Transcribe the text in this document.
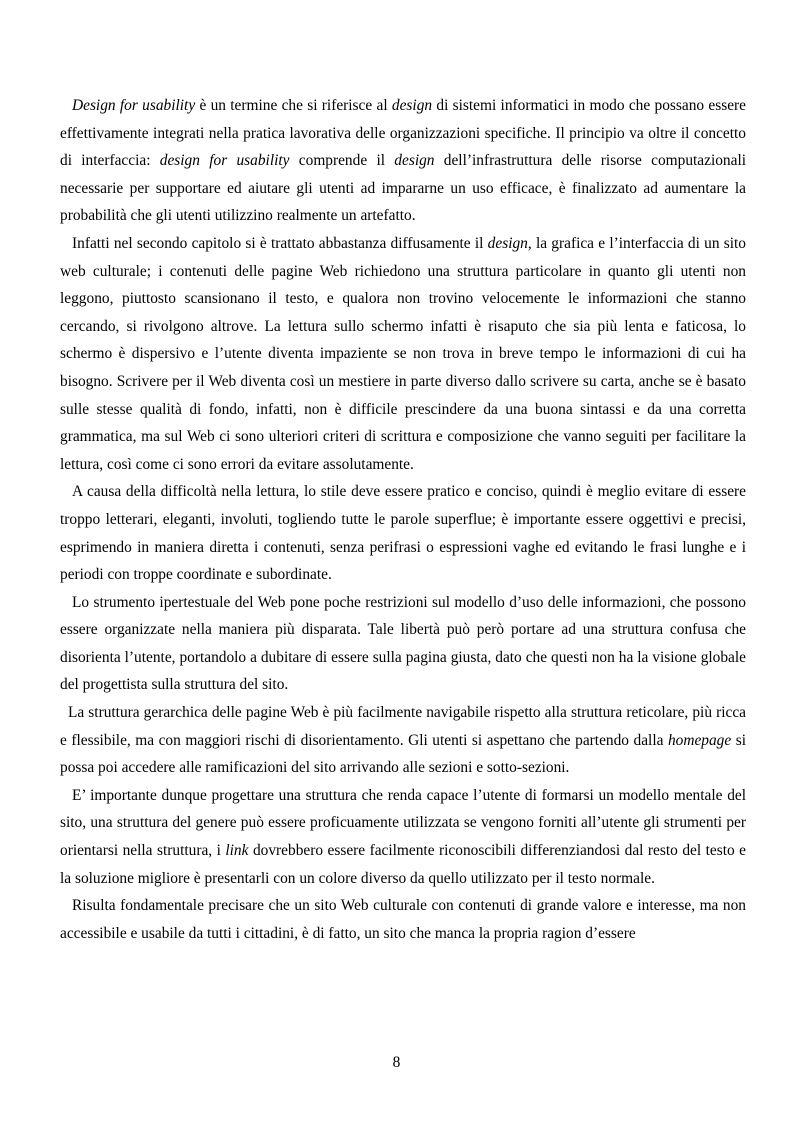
Design for usability è un termine che si riferisce al design di sistemi informatici in modo che possano essere effettivamente integrati nella pratica lavorativa delle organizzazioni specifiche. Il principio va oltre il concetto di interfaccia: design for usability comprende il design dell’infrastruttura delle risorse computazionali necessarie per supportare ed aiutare gli utenti ad impararne un uso efficace, è finalizzato ad aumentare la probabilità che gli utenti utilizzino realmente un artefatto.

Infatti nel secondo capitolo si è trattato abbastanza diffusamente il design, la grafica e l’interfaccia di un sito web culturale; i contenuti delle pagine Web richiedono una struttura particolare in quanto gli utenti non leggono, piuttosto scansionano il testo, e qualora non trovino velocemente le informazioni che stanno cercando, si rivolgono altrove. La lettura sullo schermo infatti è risaputo che sia più lenta e faticosa, lo schermo è dispersivo e l’utente diventa impaziente se non trova in breve tempo le informazioni di cui ha bisogno. Scrivere per il Web diventa così un mestiere in parte diverso dallo scrivere su carta, anche se è basato sulle stesse qualità di fondo, infatti, non è difficile prescindere da una buona sintassi e da una corretta grammatica, ma sul Web ci sono ulteriori criteri di scrittura e composizione che vanno seguiti per facilitare la lettura, così come ci sono errori da evitare assolutamente.

A causa della difficoltà nella lettura, lo stile deve essere pratico e conciso, quindi è meglio evitare di essere troppo letterari, eleganti, involuti, togliendo tutte le parole superflue; è importante essere oggettivi e precisi, esprimendo in maniera diretta i contenuti, senza perifrasi o espressioni vaghe ed evitando le frasi lunghe e i periodi con troppe coordinate e subordinate.

Lo strumento ipertestuale del Web pone poche restrizioni sul modello d’uso delle informazioni, che possono essere organizzate nella maniera più disparata. Tale libertà può però portare ad una struttura confusa che disorienta l’utente, portandolo a dubitare di essere sulla pagina giusta, dato che questi non ha la visione globale del progettista sulla struttura del sito.

La struttura gerarchica delle pagine Web è più facilmente navigabile rispetto alla struttura reticolare, più ricca e flessibile, ma con maggiori rischi di disorientamento. Gli utenti si aspettano che partendo dalla homepage si possa poi accedere alle ramificazioni del sito arrivando alle sezioni e sotto-sezioni.

E’ importante dunque progettare una struttura che renda capace l’utente di formarsi un modello mentale del sito, una struttura del genere può essere proficuamente utilizzata se vengono forniti all’utente gli strumenti per orientarsi nella struttura, i link dovrebbero essere facilmente riconoscibili differenziandosi dal resto del testo e la soluzione migliore è presentarli con un colore diverso da quello utilizzato per il testo normale.

Risulta fondamentale precisare che un sito Web culturale con contenuti di grande valore e interesse, ma non accessibile e usabile da tutti i cittadini, è di fatto, un sito che manca la propria ragion d’essere

8
